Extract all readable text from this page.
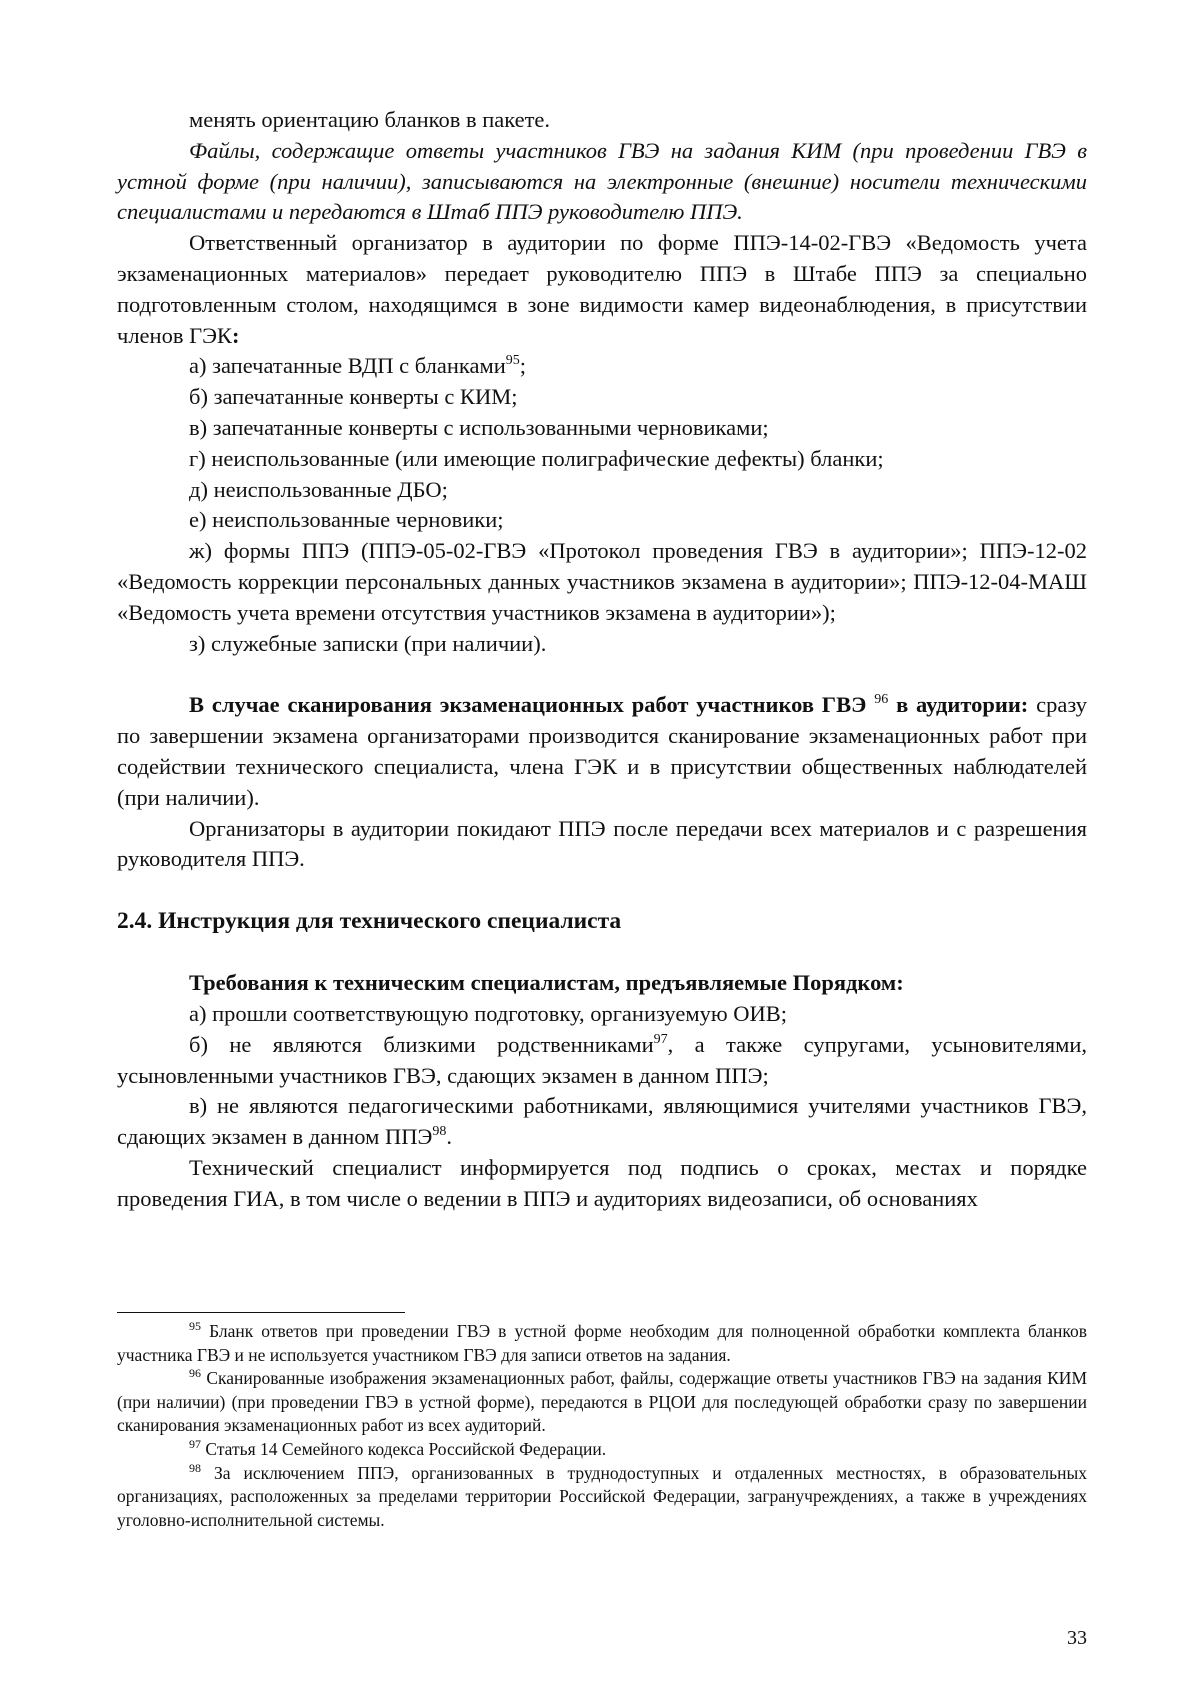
менять ориентацию бланков в пакете.

Файлы, содержащие ответы участников ГВЭ на задания КИМ (при проведении ГВЭ в устной форме (при наличии), записываются на электронные (внешние) носители техническими специалистами и передаются в Штаб ППЭ руководителю ППЭ.

Ответственный организатор в аудитории по форме ППЭ-14-02-ГВЭ «Ведомость учета экзаменационных материалов» передает руководителю ППЭ в Штабе ППЭ за специально подготовленным столом, находящимся в зоне видимости камер видеонаблюдения, в присутствии членов ГЭК:

а) запечатанные ВДП с бланками$^{95}$;

б) запечатанные конверты с КИМ;

в) запечатанные конверты с использованными черновиками;

г) неиспользованные (или имеющие полиграфические дефекты) бланки;

д) неиспользованные ДБО;

е) неиспользованные черновики;

ж) формы ППЭ (ППЭ-05-02-ГВЭ «Протокол проведения ГВЭ в аудитории»; ППЭ-12-02 «Ведомость коррекции персональных данных участников экзамена в аудитории»; ППЭ-12-04-МАШ «Ведомость учета времени отсутствия участников экзамена в аудитории»);

з) служебные записки (при наличии).

В случае сканирования экзаменационных работ участников ГВЭ $^{96}$ в аудитории: сразу по завершении экзамена организаторами производится сканирование экзаменационных работ при содействии технического специалиста, члена ГЭК и в присутствии общественных наблюдателей (при наличии).

Организаторы в аудитории покидают ППЭ после передачи всех материалов и с разрешения руководителя ППЭ.

2.4. Инструкция для технического специалиста

Требования к техническим специалистам, предъявляемые Порядком:

а) прошли соответствующую подготовку, организуемую ОИВ;

б) не являются близкими родственниками$^{97}$, а также супругами, усыновителями, усыновленными участников ГВЭ, сдающих экзамен в данном ППЭ;

в) не являются педагогическими работниками, являющимися учителями участников ГВЭ, сдающих экзамен в данном ППЭ$^{98}$.

Технический специалист информируется под подпись о сроках, местах и порядке проведения ГИА, в том числе о ведении в ППЭ и аудиториях видеозаписи, об основаниях

$^{95}$ Бланк ответов при проведении ГВЭ в устной форме необходим для полноценной обработки комплекта бланков участника ГВЭ и не используется участником ГВЭ для записи ответов на задания.

$^{96}$ Сканированные изображения экзаменационных работ, файлы, содержащие ответы участников ГВЭ на задания КИМ (при наличии) (при проведении ГВЭ в устной форме), передаются в РЦОИ для последующей обработки сразу по завершении сканирования экзаменационных работ из всех аудиторий.

$^{97}$ Статья 14 Семейного кодекса Российской Федерации.

$^{98}$ За исключением ППЭ, организованных в труднодоступных и отдаленных местностях, в образовательных организациях, расположенных за пределами территории Российской Федерации, загранучреждениях, а также в учреждениях уголовно-исполнительной системы.

33
